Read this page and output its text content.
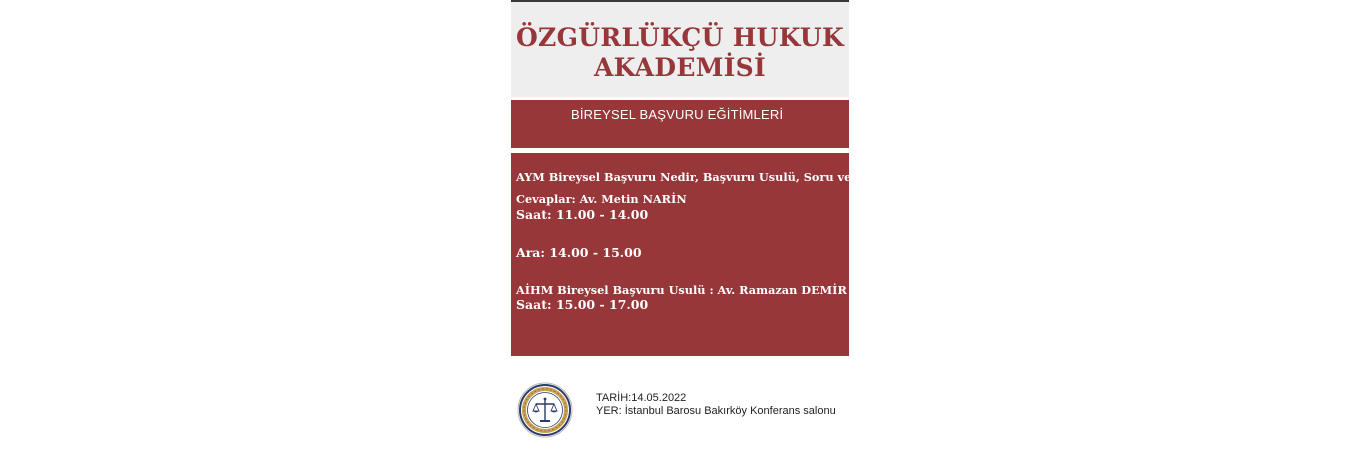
ÖZGÜRLÜKÇÜ HUKUK
AKADEMİSİ
BİREYSEL BAŞVURU EĞİTİMLERİ
AYM Bireysel Başvuru Nedir, Başvuru Usulü, Soru ve
Cevaplar: Av. Metin NARİN
Saat: 11.00 - 14.00
Ara: 14.00 - 15.00
AİHM Bireysel Başvuru Usulü : Av. Ramazan DEMİR
Saat: 15.00 - 17.00
TARİH:14.05.2022
YER: İstanbul Barosu Bakırköy Konferans salonu
